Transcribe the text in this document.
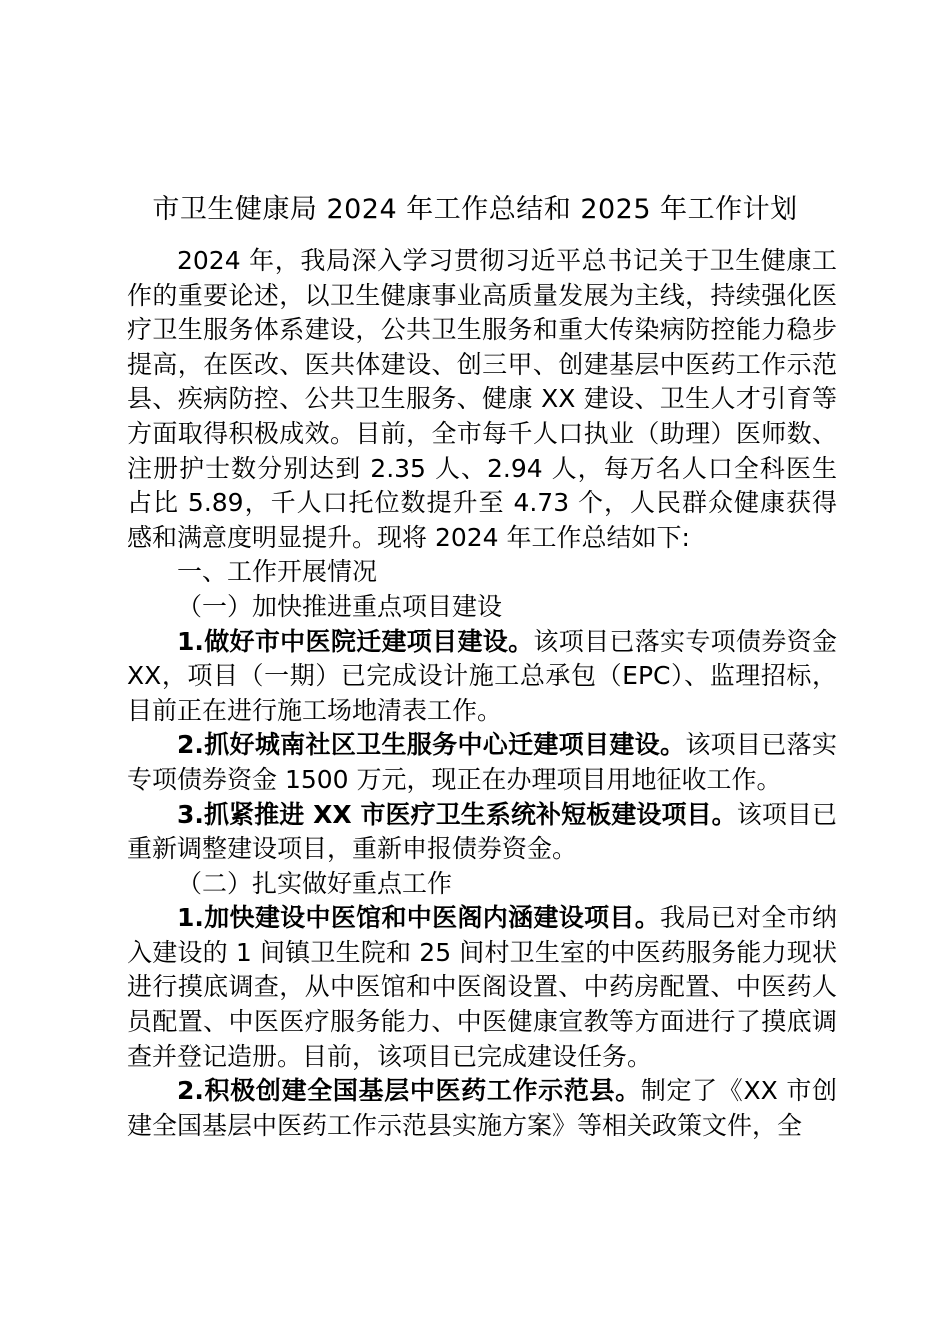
市卫生健康局 2024 年工作总结和 2025 年工作计划

2024 年，我局深入学习贯彻习近平总书记关于卫生健康工作的重要论述，以卫生健康事业高质量发展为主线，持续强化医疗卫生服务体系建设，公共卫生服务和重大传染病防控能力稳步提高，在医改、医共体建设、创三甲、创建基层中医药工作示范县、疾病防控、公共卫生服务、健康 XX 建设、卫生人才引育等方面取得积极成效。目前，全市每千人口执业（助理）医师数、注册护士数分别达到 2.35 人、2.94 人，每万名人口全科医生占比 5.89，千人口托位数提升至 4.73 个，人民群众健康获得感和满意度明显提升。现将 2024 年工作总结如下:

一、工作开展情况

（一）加快推进重点项目建设

1.做好市中医院迁建项目建设。该项目已落实专项债券资金 XX，项目（一期）已完成设计施工总承包（EPC）、监理招标，目前正在进行施工场地清表工作。

2.抓好城南社区卫生服务中心迁建项目建设。该项目已落实专项债券资金 1500 万元，现正在办理项目用地征收工作。

3.抓紧推进 XX 市医疗卫生系统补短板建设项目。该项目已重新调整建设项目，重新申报债券资金。

（二）扎实做好重点工作

1.加快建设中医馆和中医阁内涵建设项目。我局已对全市纳入建设的 1 间镇卫生院和 25 间村卫生室的中医药服务能力现状进行摸底调查，从中医馆和中医阁设置、中药房配置、中医药人员配置、中医医疗服务能力、中医健康宣教等方面进行了摸底调查并登记造册。目前，该项目已完成建设任务。

2.积极创建全国基层中医药工作示范县。制定了《XX 市创建全国基层中医药工作示范县实施方案》等相关政策文件，全
